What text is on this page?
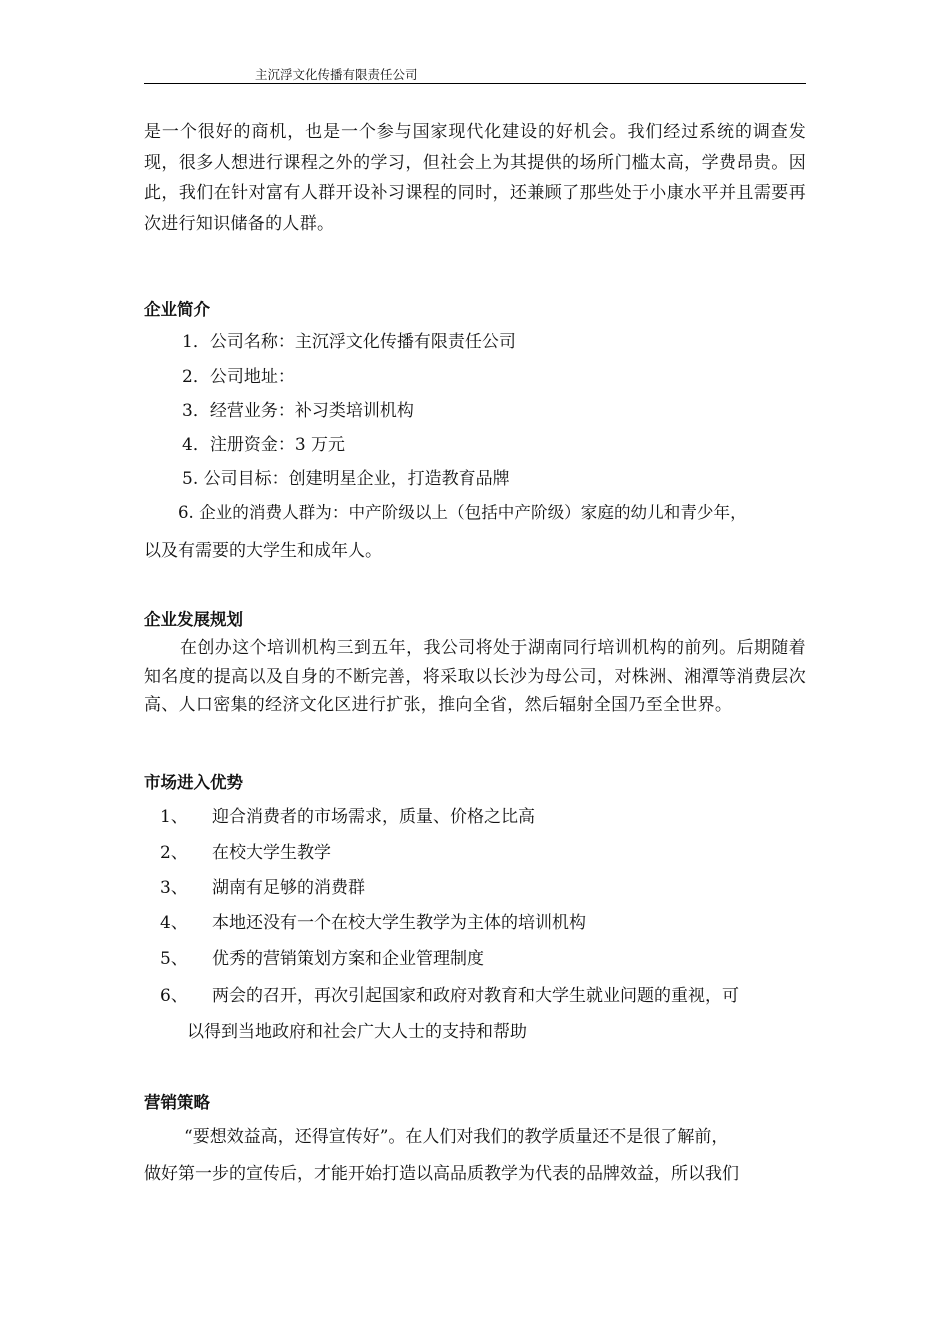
主沉浮文化传播有限责任公司
是一个很好的商机，也是一个参与国家现代化建设的好机会。我们经过系统的调查发现，很多人想进行课程之外的学习，但社会上为其提供的场所门槛太高，学费昂贵。因此，我们在针对富有人群开设补习课程的同时，还兼顾了那些处于小康水平并且需要再次进行知识储备的人群。
企业简介
1．公司名称：主沉浮文化传播有限责任公司
2．公司地址：
3．经营业务：补习类培训机构
4．注册资金：3 万元
5. 公司目标：创建明星企业，打造教育品牌
6. 企业的消费人群为：中产阶级以上（包括中产阶级）家庭的幼儿和青少年，
以及有需要的大学生和成年人。
企业发展规划
在创办这个培训机构三到五年，我公司将处于湖南同行培训机构的前列。后期随着知名度的提高以及自身的不断完善，将采取以长沙为母公司，对株洲、湘潭等消费层次高、人口密集的经济文化区进行扩张，推向全省，然后辐射全国乃至全世界。
市场进入优势
1、 迎合消费者的市场需求，质量、价格之比高
2、 在校大学生教学
3、 湖南有足够的消费群
4、 本地还没有一个在校大学生教学为主体的培训机构
5、 优秀的营销策划方案和企业管理制度
6、 两会的召开，再次引起国家和政府对教育和大学生就业问题的重视，可
以得到当地政府和社会广大人士的支持和帮助
营销策略
“要想效益高，还得宣传好”。在人们对我们的教学质量还不是很了解前，
做好第一步的宣传后，才能开始打造以高品质教学为代表的品牌效益，所以我们
